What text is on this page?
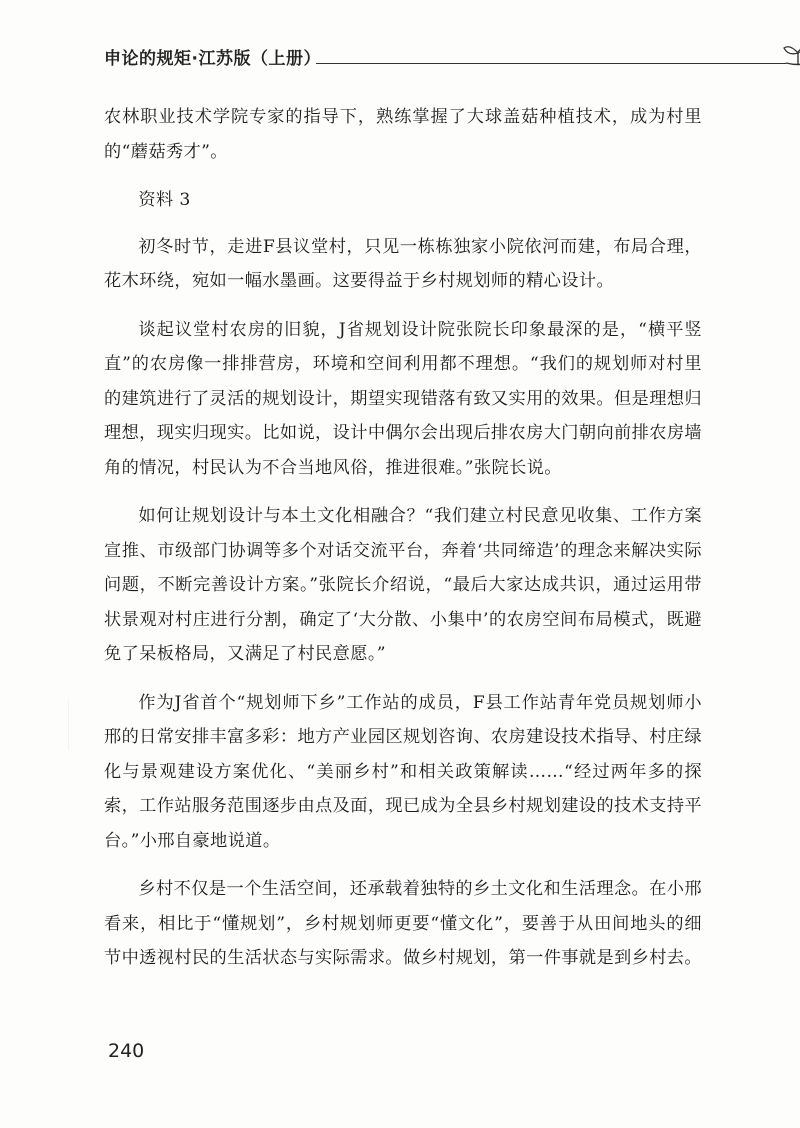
申论的规矩·江苏版（上册）

农林职业技术学院专家的指导下，熟练掌握了大球盖菇种植技术，成为村里的“蘑菇秀才”。

资料 3

初冬时节，走进F县议堂村，只见一栋栋独家小院依河而建，布局合理，花木环绕，宛如一幅水墨画。这要得益于乡村规划师的精心设计。

谈起议堂村农房的旧貌，J省规划设计院张院长印象最深的是，“横平竖直”的农房像一排排营房，环境和空间利用都不理想。“我们的规划师对村里的建筑进行了灵活的规划设计，期望实现错落有致又实用的效果。但是理想归理想，现实归现实。比如说，设计中偶尔会出现后排农房大门朝向前排农房墙角的情况，村民认为不合当地风俗，推进很难。”张院长说。

如何让规划设计与本土文化相融合？“我们建立村民意见收集、工作方案宣推、市级部门协调等多个对话交流平台，奔着‘共同缔造’的理念来解决实际问题，不断完善设计方案。”张院长介绍说，“最后大家达成共识，通过运用带状景观对村庄进行分割，确定了‘大分散、小集中’的农房空间布局模式，既避免了呆板格局，又满足了村民意愿。”

作为J省首个“规划师下乡”工作站的成员，F县工作站青年党员规划师小邢的日常安排丰富多彩：地方产业园区规划咨询、农房建设技术指导、村庄绿化与景观建设方案优化、“美丽乡村”和相关政策解读……“经过两年多的探索，工作站服务范围逐步由点及面，现已成为全县乡村规划建设的技术支持平台。”小邢自豪地说道。

乡村不仅是一个生活空间，还承载着独特的乡土文化和生活理念。在小邢看来，相比于“懂规划”，乡村规划师更要“懂文化”，要善于从田间地头的细节中透视村民的生活状态与实际需求。做乡村规划，第一件事就是到乡村去。

240
